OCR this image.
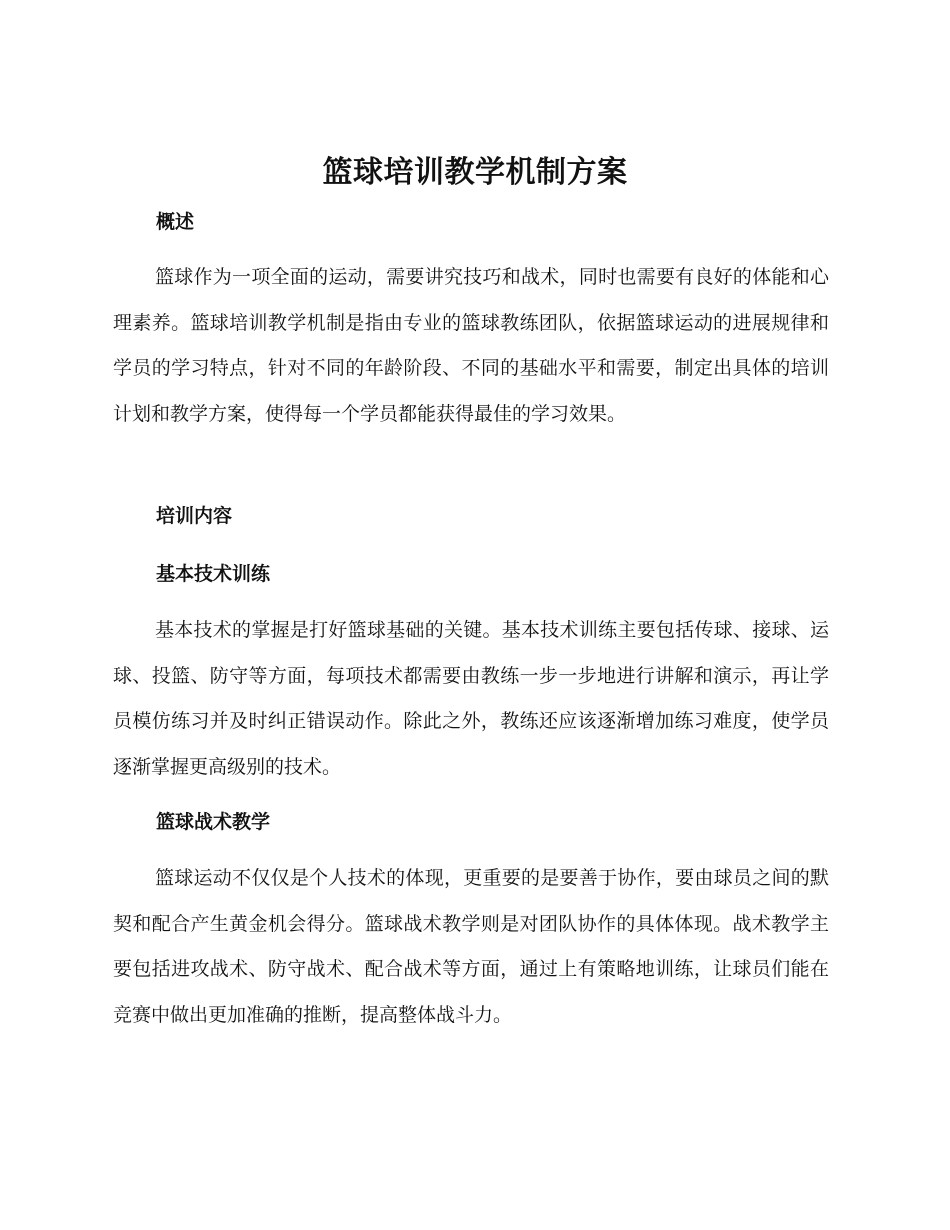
篮球培训教学机制方案
概述

篮球作为一项全面的运动，需要讲究技巧和战术，同时也需要有良好的体能和心理素养。篮球培训教学机制是指由专业的篮球教练团队，依据篮球运动的进展规律和学员的学习特点，针对不同的年龄阶段、不同的基础水平和需要，制定出具体的培训计划和教学方案，使得每一个学员都能获得最佳的学习效果。

培训内容
基本技术训练

基本技术的掌握是打好篮球基础的关键。基本技术训练主要包括传球、接球、运球、投篮、防守等方面，每项技术都需要由教练一步一步地进行讲解和演示，再让学员模仿练习并及时纠正错误动作。除此之外，教练还应该逐渐增加练习难度，使学员逐渐掌握更高级别的技术。

篮球战术教学

篮球运动不仅仅是个人技术的体现，更重要的是要善于协作，要由球员之间的默契和配合产生黄金机会得分。篮球战术教学则是对团队协作的具体体现。战术教学主要包括进攻战术、防守战术、配合战术等方面，通过上有策略地训练，让球员们能在竞赛中做出更加准确的推断，提高整体战斗力。
